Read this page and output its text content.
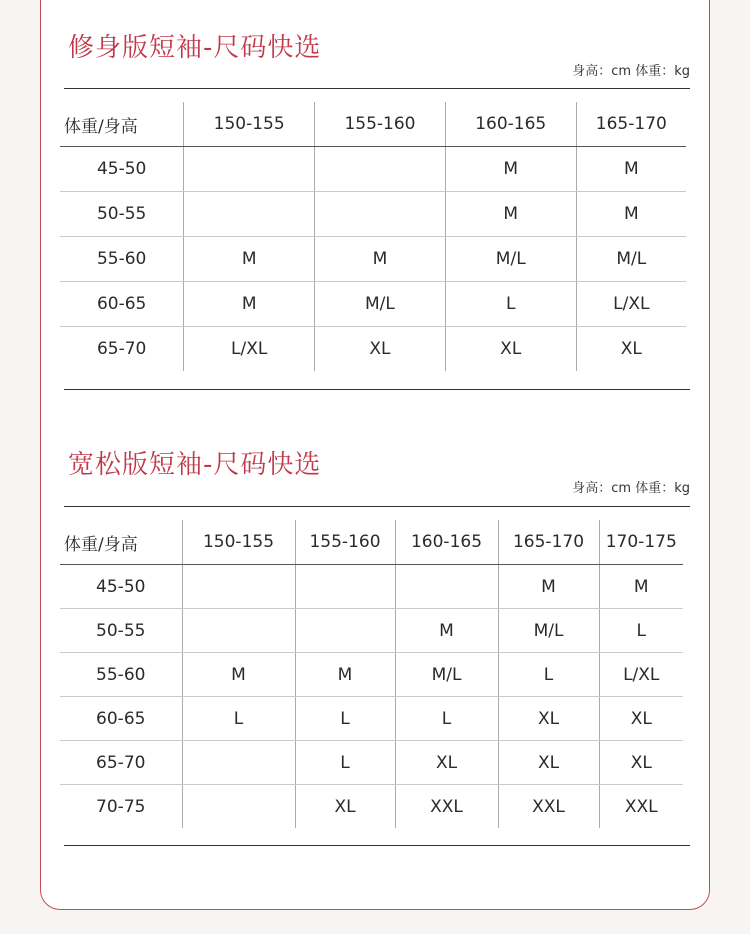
修身版短袖-尺码快选
身高：cm 体重：kg
体重/身高	150-155	155-160	160-165	165-170
45-50			M	M
50-55			M	M
55-60	M	M	M/L	M/L
60-65	M	M/L	L	L/XL
65-70	L/XL	XL	XL	XL
宽松版短袖-尺码快选
身高：cm 体重：kg
体重/身高	150-155	155-160	160-165	165-170	170-175
45-50				M	M
50-55			M	M/L	L
55-60	M	M	M/L	L	L/XL
60-65	L	L	L	XL	XL
65-70		L	XL	XL	XL
70-75		XL	XXL	XXL	XXL
